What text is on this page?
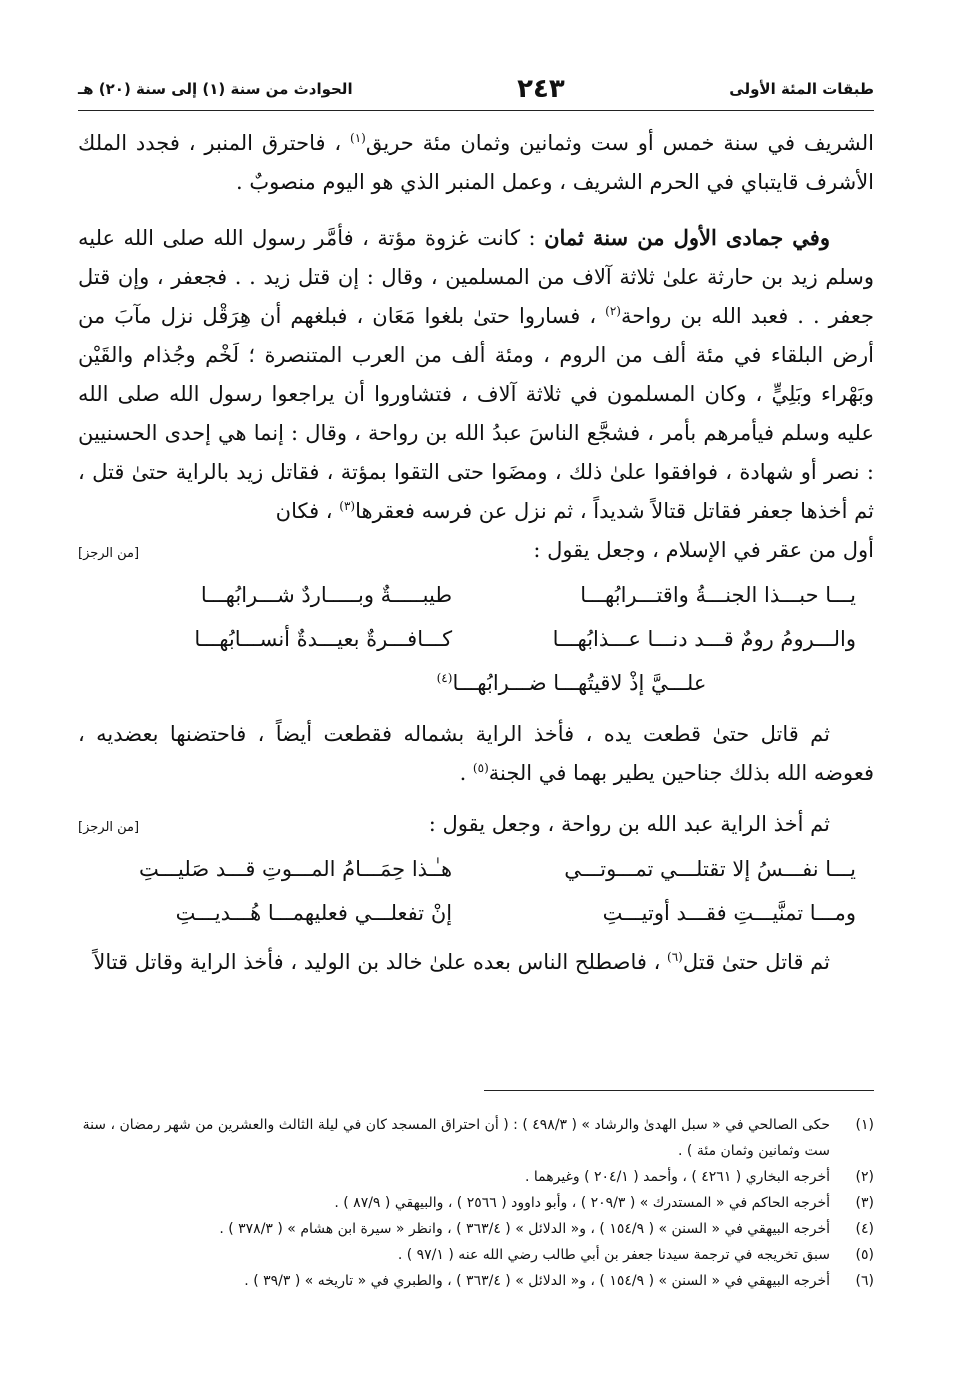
طبقات المئة الأولى
٢٤٣
الحوادث من سنة (١) إلى سنة (٢٠) هـ

الشريف في سنة خمس أو ست وثمانين وثمان مئة حريق$^{(١)}$ ، فاحترق المنبر ، فجدد الملك الأشرف قايتباي في الحرم الشريف ، وعمل المنبر الذي هو اليوم منصوبٌ .

وفي جمادى الأول من سنة ثمان : كانت غزوة مؤتة ، فأمَّر رسول الله صلى الله عليه وسلم زيد بن حارثة علىٰ ثلاثة آلاف من المسلمين ، وقال : إن قتل زيد . . فجعفر ، وإن قتل جعفر . . فعبد الله بن رواحة$^{(٢)}$ ، فساروا حتىٰ بلغوا مَعَان ، فبلغهم أن هِرَقْل نزل مآبَ من أرض البلقاء في مئة ألف من الروم ، ومئة ألف من العرب المتنصرة ؛ لَخْم وجُذام والقَيْن وبَهْراء وبَلِيٍّ ، وكان المسلمون في ثلاثة آلاف ، فتشاوروا أن يراجعوا رسول الله صلى الله عليه وسلم فيأمرهم بأمر ، فشجَّع الناسَ عبدُ الله بن رواحة ، وقال : إنما هي إحدى الحسنيين : نصر أو شهادة ، فوافقوا علىٰ ذلك ، ومضَوا حتى التقوا بمؤتة ، فقاتل زيد بالراية حتىٰ قتل ، ثم أخذها جعفر فقاتل قتالاً شديداً ، ثم نزل عن فرسه فعقرها$^{(٣)}$ ، فكان

أول من عقر في الإسلام ، وجعل يقول :
[من الرجز]
يـــا حبـــذا الجنـــةُ واقتـــرابُهـــا
طيبـــــةٌ وبـــــاردٌ شـــرابُهـــا
والـــرومُ رومٌ قـــد دنـــا عـــذابُهـــا
كـــافـــرةٌ بعيـــدةٌ أنســـابُهـــا
علـــيَّ إذْ لاقيتُهـــا ضـــرابُهـــا$^{(٤)}$

ثم قاتل حتىٰ قطعت يده ، فأخذ الراية بشماله فقطعت أيضاً ، فاحتضنها بعضديه ، فعوضه الله بذلك جناحين يطير بهما في الجنة$^{(٥)}$ .

ثم أخذ الراية عبد الله بن رواحة ، وجعل يقول :
[من الرجز]
يـــا نفـــسُ إلا تقتلـــي تمـــوتـــي
هـٰـذا حِمَـــامُ المـــوتِ قـــد صَليـــتِ
ومـــا تمنَّيـــتِ فقـــد أوتيـــتِ
إنْ تفعلـــي فعليهمـــا هُـــديـــتِ

ثم قاتل حتىٰ قتل$^{(٦)}$ ، فاصطلح الناس بعده علىٰ خالد بن الوليد ، فأخذ الراية وقاتل قتالاً

(١)
حكى الصالحي في « سبل الهدىٰ والرشاد » ( ٤٩٨/٣ ) : ( أن احتراق المسجد كان في ليلة الثالث والعشرين من شهر رمضان ، سنة ست وثمانين وثمان مئة ) .

(٢)
أخرجه البخاري ( ٤٢٦١ ) ، وأحمد ( ٢٠٤/١ ) وغيرهما .

(٣)
أخرجه الحاكم في « المستدرك » ( ٢٠٩/٣ ) ، وأبو داوود ( ٢٥٦٦ ) ، والبيهقي ( ٨٧/٩ ) .

(٤)
أخرجه البيهقي في « السنن » ( ١٥٤/٩ ) ، و« الدلائل » ( ٣٦٣/٤ ) ، وانظر « سيرة ابن هشام » ( ٣٧٨/٣ ) .

(٥)
سبق تخريجه في ترجمة سيدنا جعفر بن أبي طالب رضي الله عنه ( ٩٧/١ ) .

(٦)
أخرجه البيهقي في « السنن » ( ١٥٤/٩ ) ، و« الدلائل » ( ٣٦٣/٤ ) ، والطبري في « تاريخه » ( ٣٩/٣ ) .
